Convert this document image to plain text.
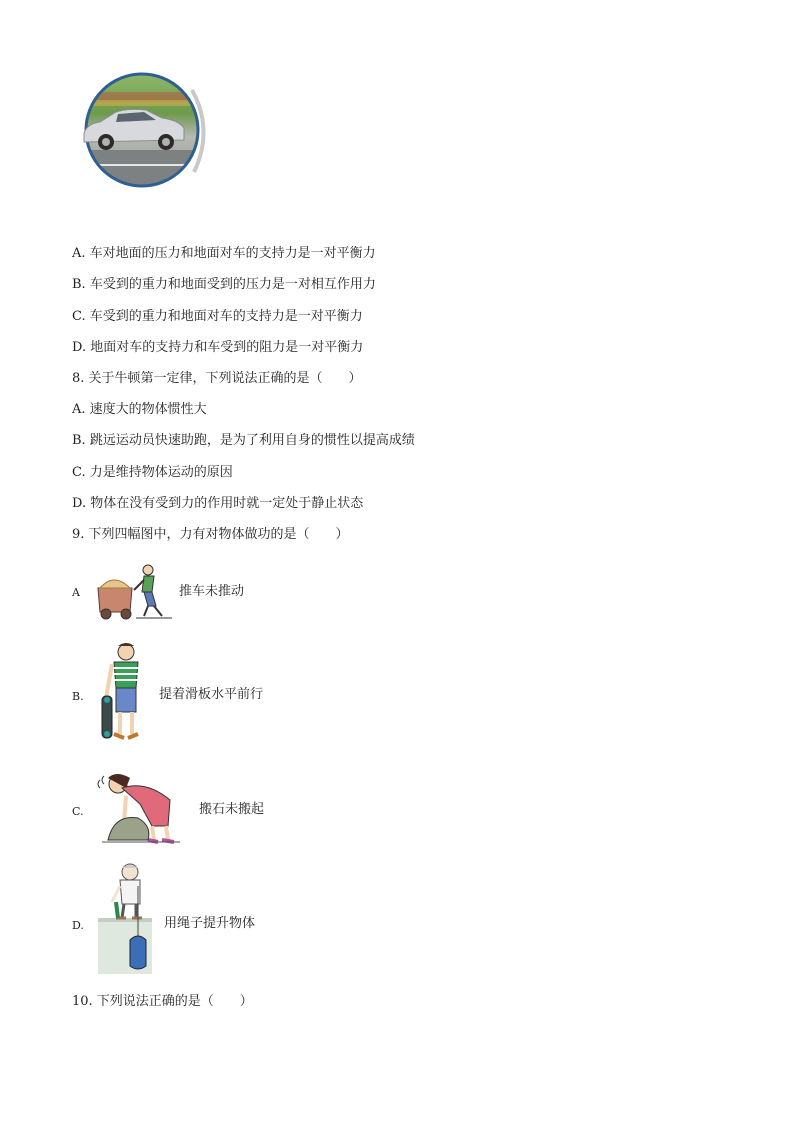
A. 车对地面的压力和地面对车的支持力是一对平衡力
B. 车受到的重力和地面受到的压力是一对相互作用力
C. 车受到的重力和地面对车的支持力是一对平衡力
D. 地面对车的支持力和车受到的阻力是一对平衡力
8. 关于牛顿第一定律，下列说法正确的是（　　）
A. 速度大的物体惯性大
B. 跳远运动员快速助跑，是为了利用自身的惯性以提高成绩
C. 力是维持物体运动的原因
D. 物体在没有受到力的作用时就一定处于静止状态
9. 下列四幅图中，力有对物体做功的是（　　）
A	推车未推动
B.	提着滑板水平前行
C.	搬石未搬起
D.	用绳子提升物体
10. 下列说法正确的是（　　）
